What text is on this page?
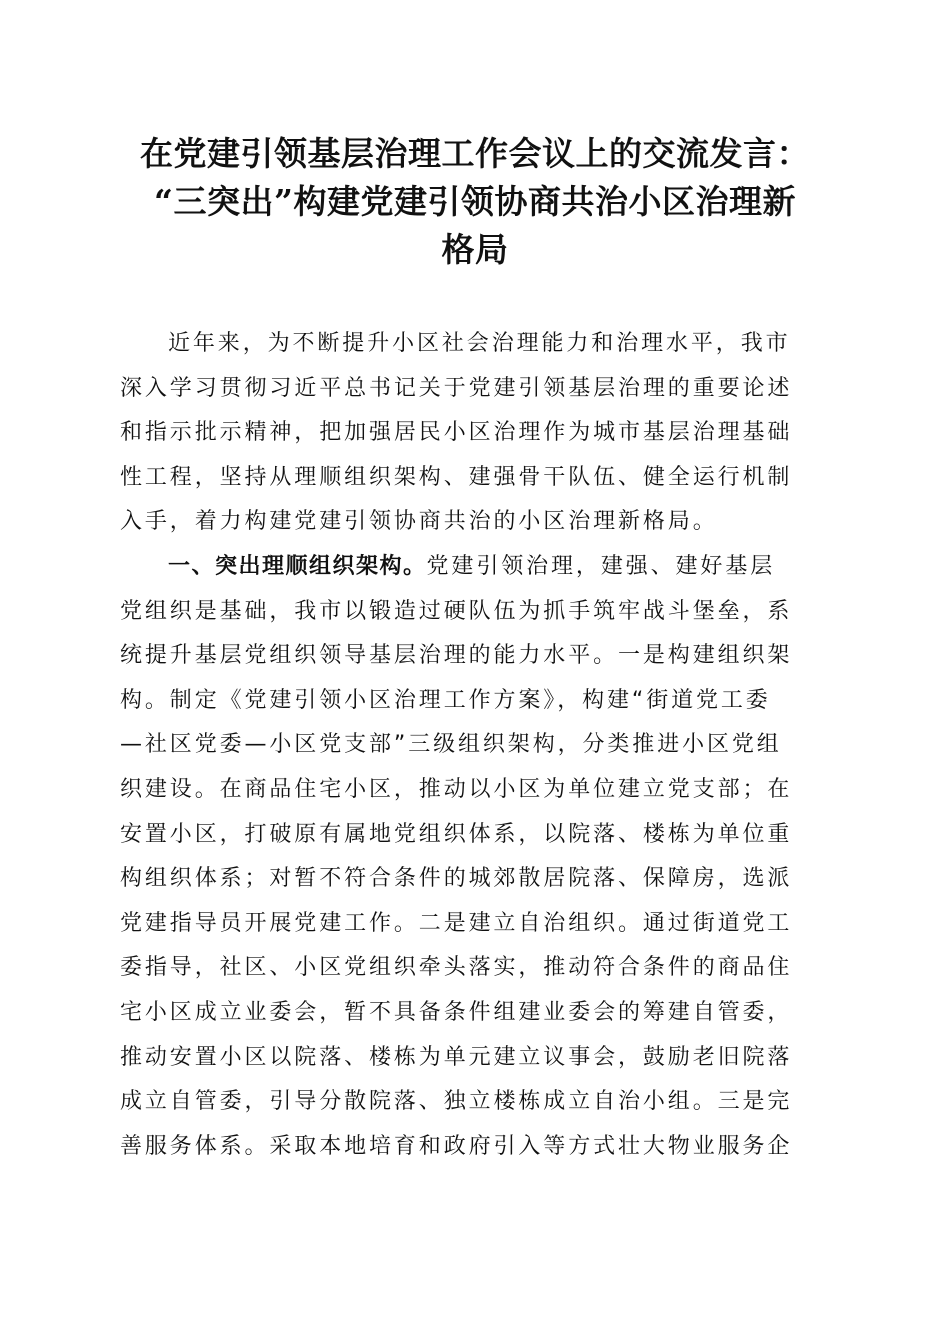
在党建引领基层治理工作会议上的交流发言：
“三突出”构建党建引领协商共治小区治理新
格局
近年来，为不断提升小区社会治理能力和治理水平，我市
深入学习贯彻习近平总书记关于党建引领基层治理的重要论述
和指示批示精神，把加强居民小区治理作为城市基层治理基础
性工程，坚持从理顺组织架构、建强骨干队伍、健全运行机制
入手，着力构建党建引领协商共治的小区治理新格局。
一、突出理顺组织架构。党建引领治理，建强、建好基层
党组织是基础，我市以锻造过硬队伍为抓手筑牢战斗堡垒，系
统提升基层党组织领导基层治理的能力水平。一是构建组织架
构。制定《党建引领小区治理工作方案》，构建“街道党工委
—社区党委—小区党支部”三级组织架构，分类推进小区党组
织建设。在商品住宅小区，推动以小区为单位建立党支部；在
安置小区，打破原有属地党组织体系，以院落、楼栋为单位重
构组织体系；对暂不符合条件的城郊散居院落、保障房，选派
党建指导员开展党建工作。二是建立自治组织。通过街道党工
委指导，社区、小区党组织牵头落实，推动符合条件的商品住
宅小区成立业委会，暂不具备条件组建业委会的筹建自管委，
推动安置小区以院落、楼栋为单元建立议事会，鼓励老旧院落
成立自管委，引导分散院落、独立楼栋成立自治小组。三是完
善服务体系。采取本地培育和政府引入等方式壮大物业服务企
